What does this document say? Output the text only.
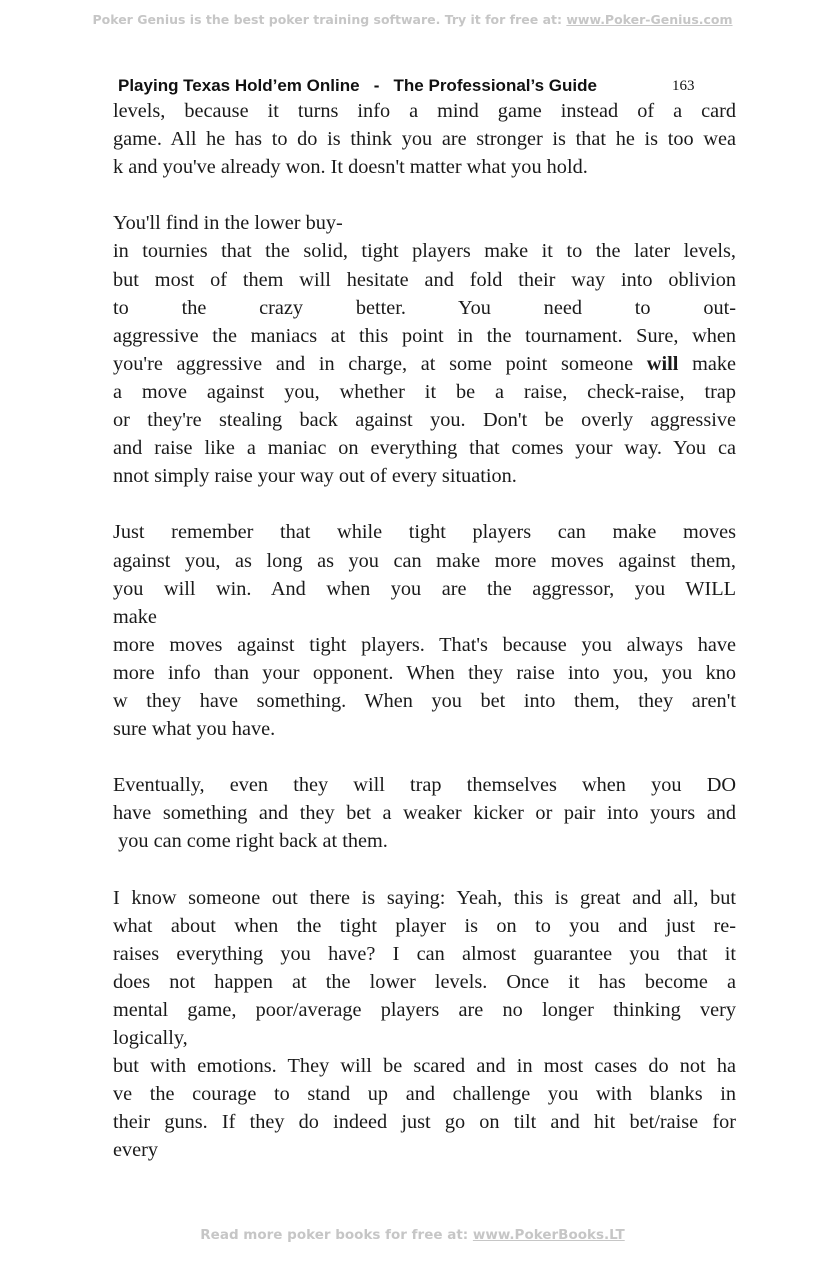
Poker Genius is the best poker training software. Try it for free at: www.Poker-Genius.com
Playing Texas Hold’em Online   -   The Professional’s Guide	163
levels, because it turns info a mind game instead of a card
game. All he has to do is think you are stronger is that he is too wea
k and you've already won. It doesn't matter what you hold.
You'll find in the lower buy-
in tournies that the solid, tight players make it to the later levels,
but most of them will hesitate and fold their way into oblivion
to the crazy better. You need to out-
aggressive the maniacs at this point in the tournament. Sure, when
you're aggressive and in charge, at some point someone will make
a move against you, whether it be a raise, check-raise, trap
or they're stealing back against you. Don't be overly aggressive
and raise like a maniac on everything that comes your way. You ca
nnot simply raise your way out of every situation.
Just remember that while tight players can make moves
against you, as long as you can make more moves against them,
you will win. And when you are the aggressor, you WILL
make
more moves against tight players. That's because you always have
more info than your opponent. When they raise into you, you kno
w they have something. When you bet into them, they aren't
sure what you have.
Eventually, even they will trap themselves when you DO
have something and they bet a weaker kicker or pair into yours and
you can come right back at them.
I know someone out there is saying: Yeah, this is great and all, but
what about when the tight player is on to you and just re-
raises everything you have? I can almost guarantee you that it
does not happen at the lower levels. Once it has become a
mental game, poor/average players are no longer thinking very
logically,
but with emotions. They will be scared and in most cases do not ha
ve the courage to stand up and challenge you with blanks in
their guns. If they do indeed just go on tilt and hit bet/raise for
every
Read more poker books for free at: www.PokerBooks.LT
